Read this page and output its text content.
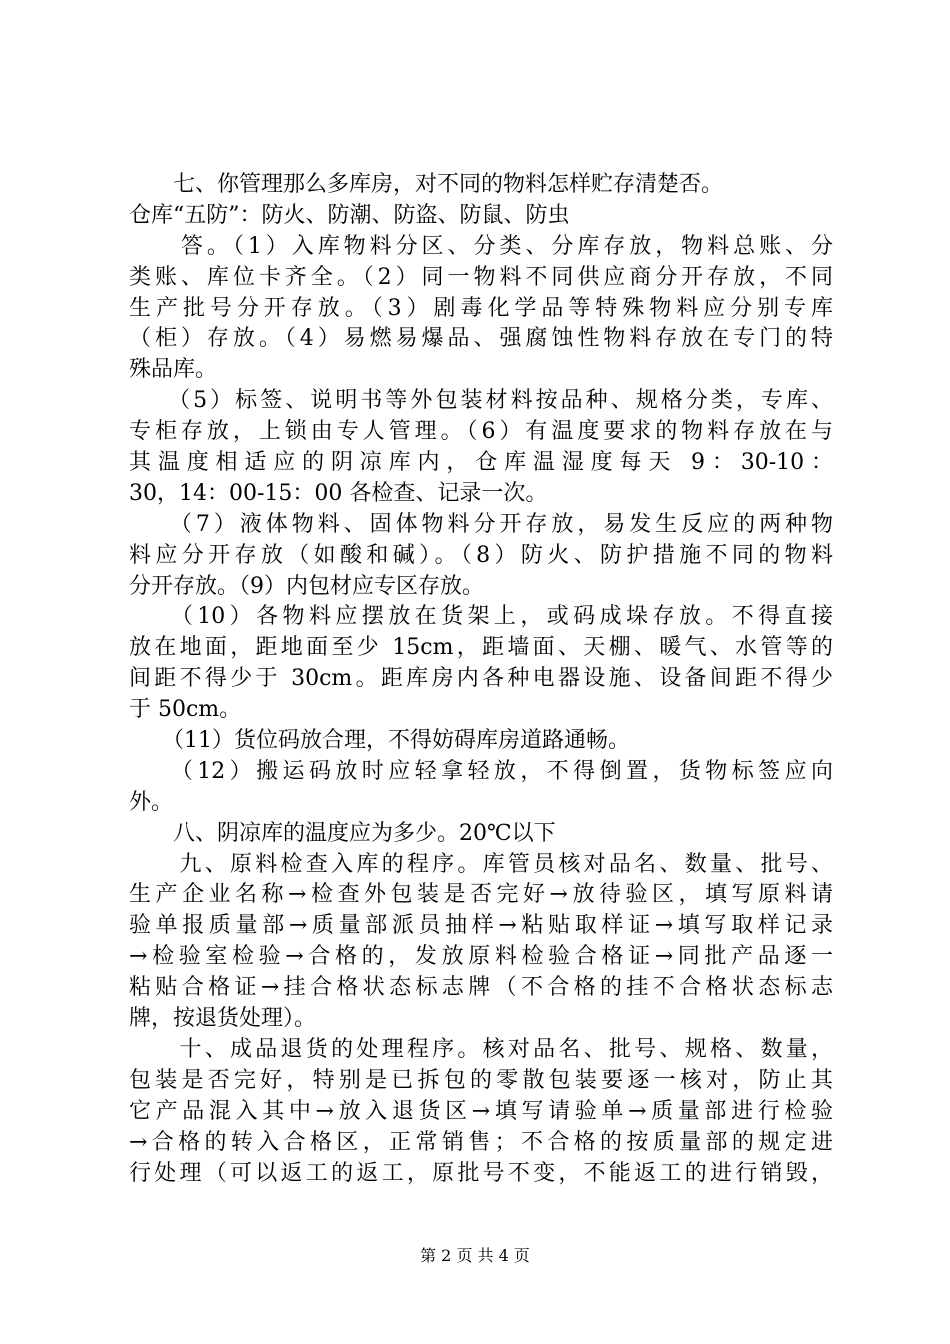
　　七、你管理那么多库房，对不同的物料怎样贮存清楚否。
仓库“五防”：防火、防潮、防盗、防鼠、防虫
　　答。（1）入库物料分区、分类、分库存放，物料总账、分
类账、库位卡齐全。（2）同一物料不同供应商分开存放，不同
生产批号分开存放。（3）剧毒化学品等特殊物料应分别专库
（柜）存放。（4）易燃易爆品、强腐蚀性物料存放在专门的特
殊品库。
　　（5）标签、说明书等外包装材料按品种、规格分类，专库、
专柜存放，上锁由专人管理。（6）有温度要求的物料存放在与
其温度相适应的阴凉库内，仓库温湿度每天 9：30-10：
30，14：00-15：00 各检查、记录一次。
　　（7）液体物料、固体物料分开存放，易发生反应的两种物
料应分开存放（如酸和碱）。（8）防火、防护措施不同的物料
分开存放。（9）内包材应专区存放。
　　（10）各物料应摆放在货架上，或码成垛存放。不得直接
放在地面，距地面至少 15cm，距墙面、天棚、暖气、水管等的
间距不得少于 30cm。距库房内各种电器设施、设备间距不得少
于 50cm。
　　（11）货位码放合理，不得妨碍库房道路通畅。
　　（12）搬运码放时应轻拿轻放，不得倒置，货物标签应向
外。
　　八、阴凉库的温度应为多少。20℃以下
　　九、原料检查入库的程序。库管员核对品名、数量、批号、
生产企业名称→检查外包装是否完好→放待验区，填写原料请
验单报质量部→质量部派员抽样→粘贴取样证→填写取样记录
→检验室检验→合格的，发放原料检验合格证→同批产品逐一
粘贴合格证→挂合格状态标志牌（不合格的挂不合格状态标志
牌，按退货处理）。
　　十、成品退货的处理程序。核对品名、批号、规格、数量，
包装是否完好，特别是已拆包的零散包装要逐一核对，防止其
它产品混入其中→放入退货区→填写请验单→质量部进行检验
→合格的转入合格区，正常销售；不合格的按质量部的规定进
行处理（可以返工的返工，原批号不变，不能返工的进行销毁，
第 2 页 共 4 页
